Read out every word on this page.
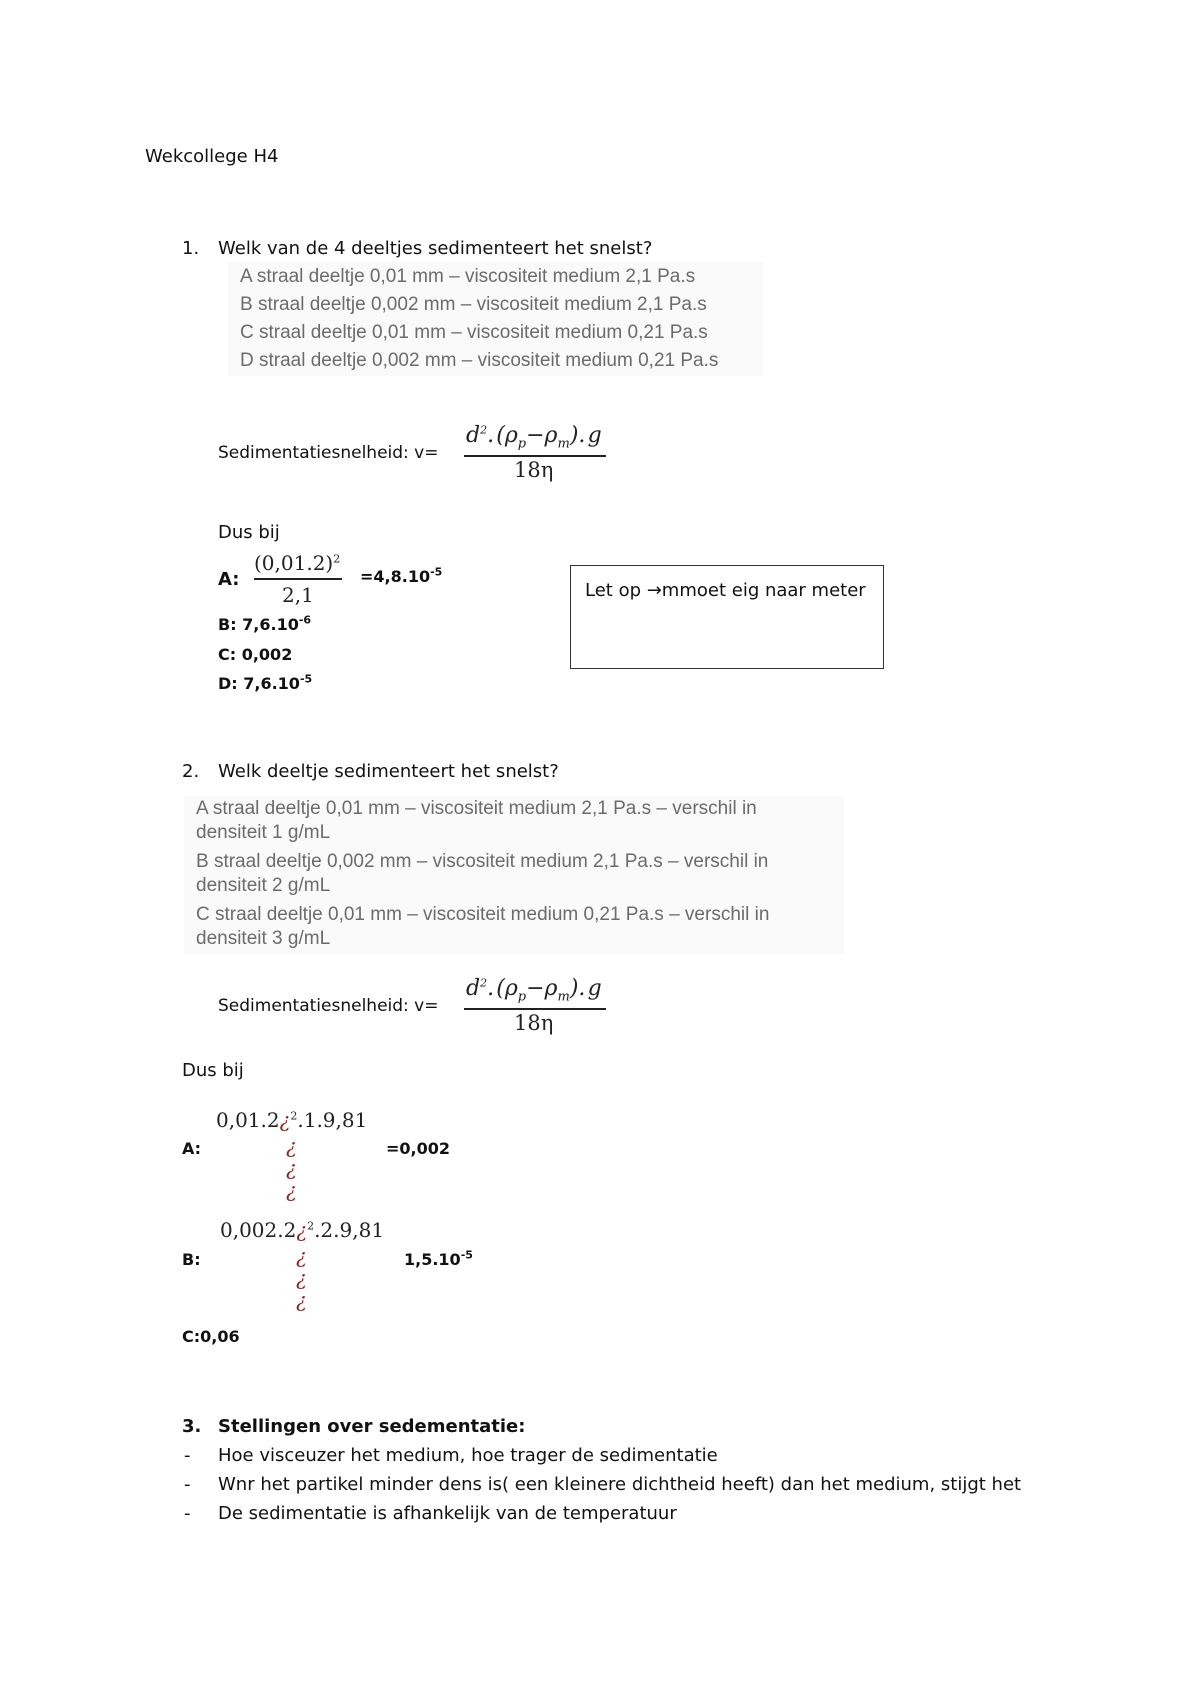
Wekcollege H4
1. Welk van de 4 deeltjes sedimenteert het snelst?
A straal deeltje 0,01 mm – viscositeit medium 2,1 Pa.s
B straal deeltje 0,002 mm – viscositeit medium 2,1 Pa.s
C straal deeltje 0,01 mm – viscositeit medium 0,21 Pa.s
D straal deeltje 0,002 mm – viscositeit medium 0,21 Pa.s
Sedimentatiesnelheid: v=
$d^2$. $(\rho_p-\rho_m)$. g
18η
Dus bij
A:
$(0,01.2)^2$
2,1
$=4,8.10^{-5}$
B: $7,6.10^{-6}$
C: 0,002
D: $7,6.10^{-5}$
Let op →mmoet eig naar meter
2. Welk deeltje sedimenteert het snelst?
A straal deeltje 0,01 mm – viscositeit medium 2,1 Pa.s – verschil in
densiteit 1 g/mL
B straal deeltje 0,002 mm – viscositeit medium 2,1 Pa.s – verschil in
densiteit 2 g/mL
C straal deeltje 0,01 mm – viscositeit medium 0,21 Pa.s – verschil in
densiteit 3 g/mL
Sedimentatiesnelheid: v=
$d^2$. $(\rho_p-\rho_m)$. g
18η
Dus bij
A:
0,01.2¿$^2$.1.9,81
¿
¿
¿
=0,002
B:
0,002.2¿$^2$.2.9,81
¿
¿
¿
$1,5.10^{-5}$
C:0,06
3. Stellingen over sedementatie:
- Hoe visceuzer het medium, hoe trager de sedimentatie
- Wnr het partikel minder dens is( een kleinere dichtheid heeft) dan het medium, stijgt het
- De sedimentatie is afhankelijk van de temperatuur
